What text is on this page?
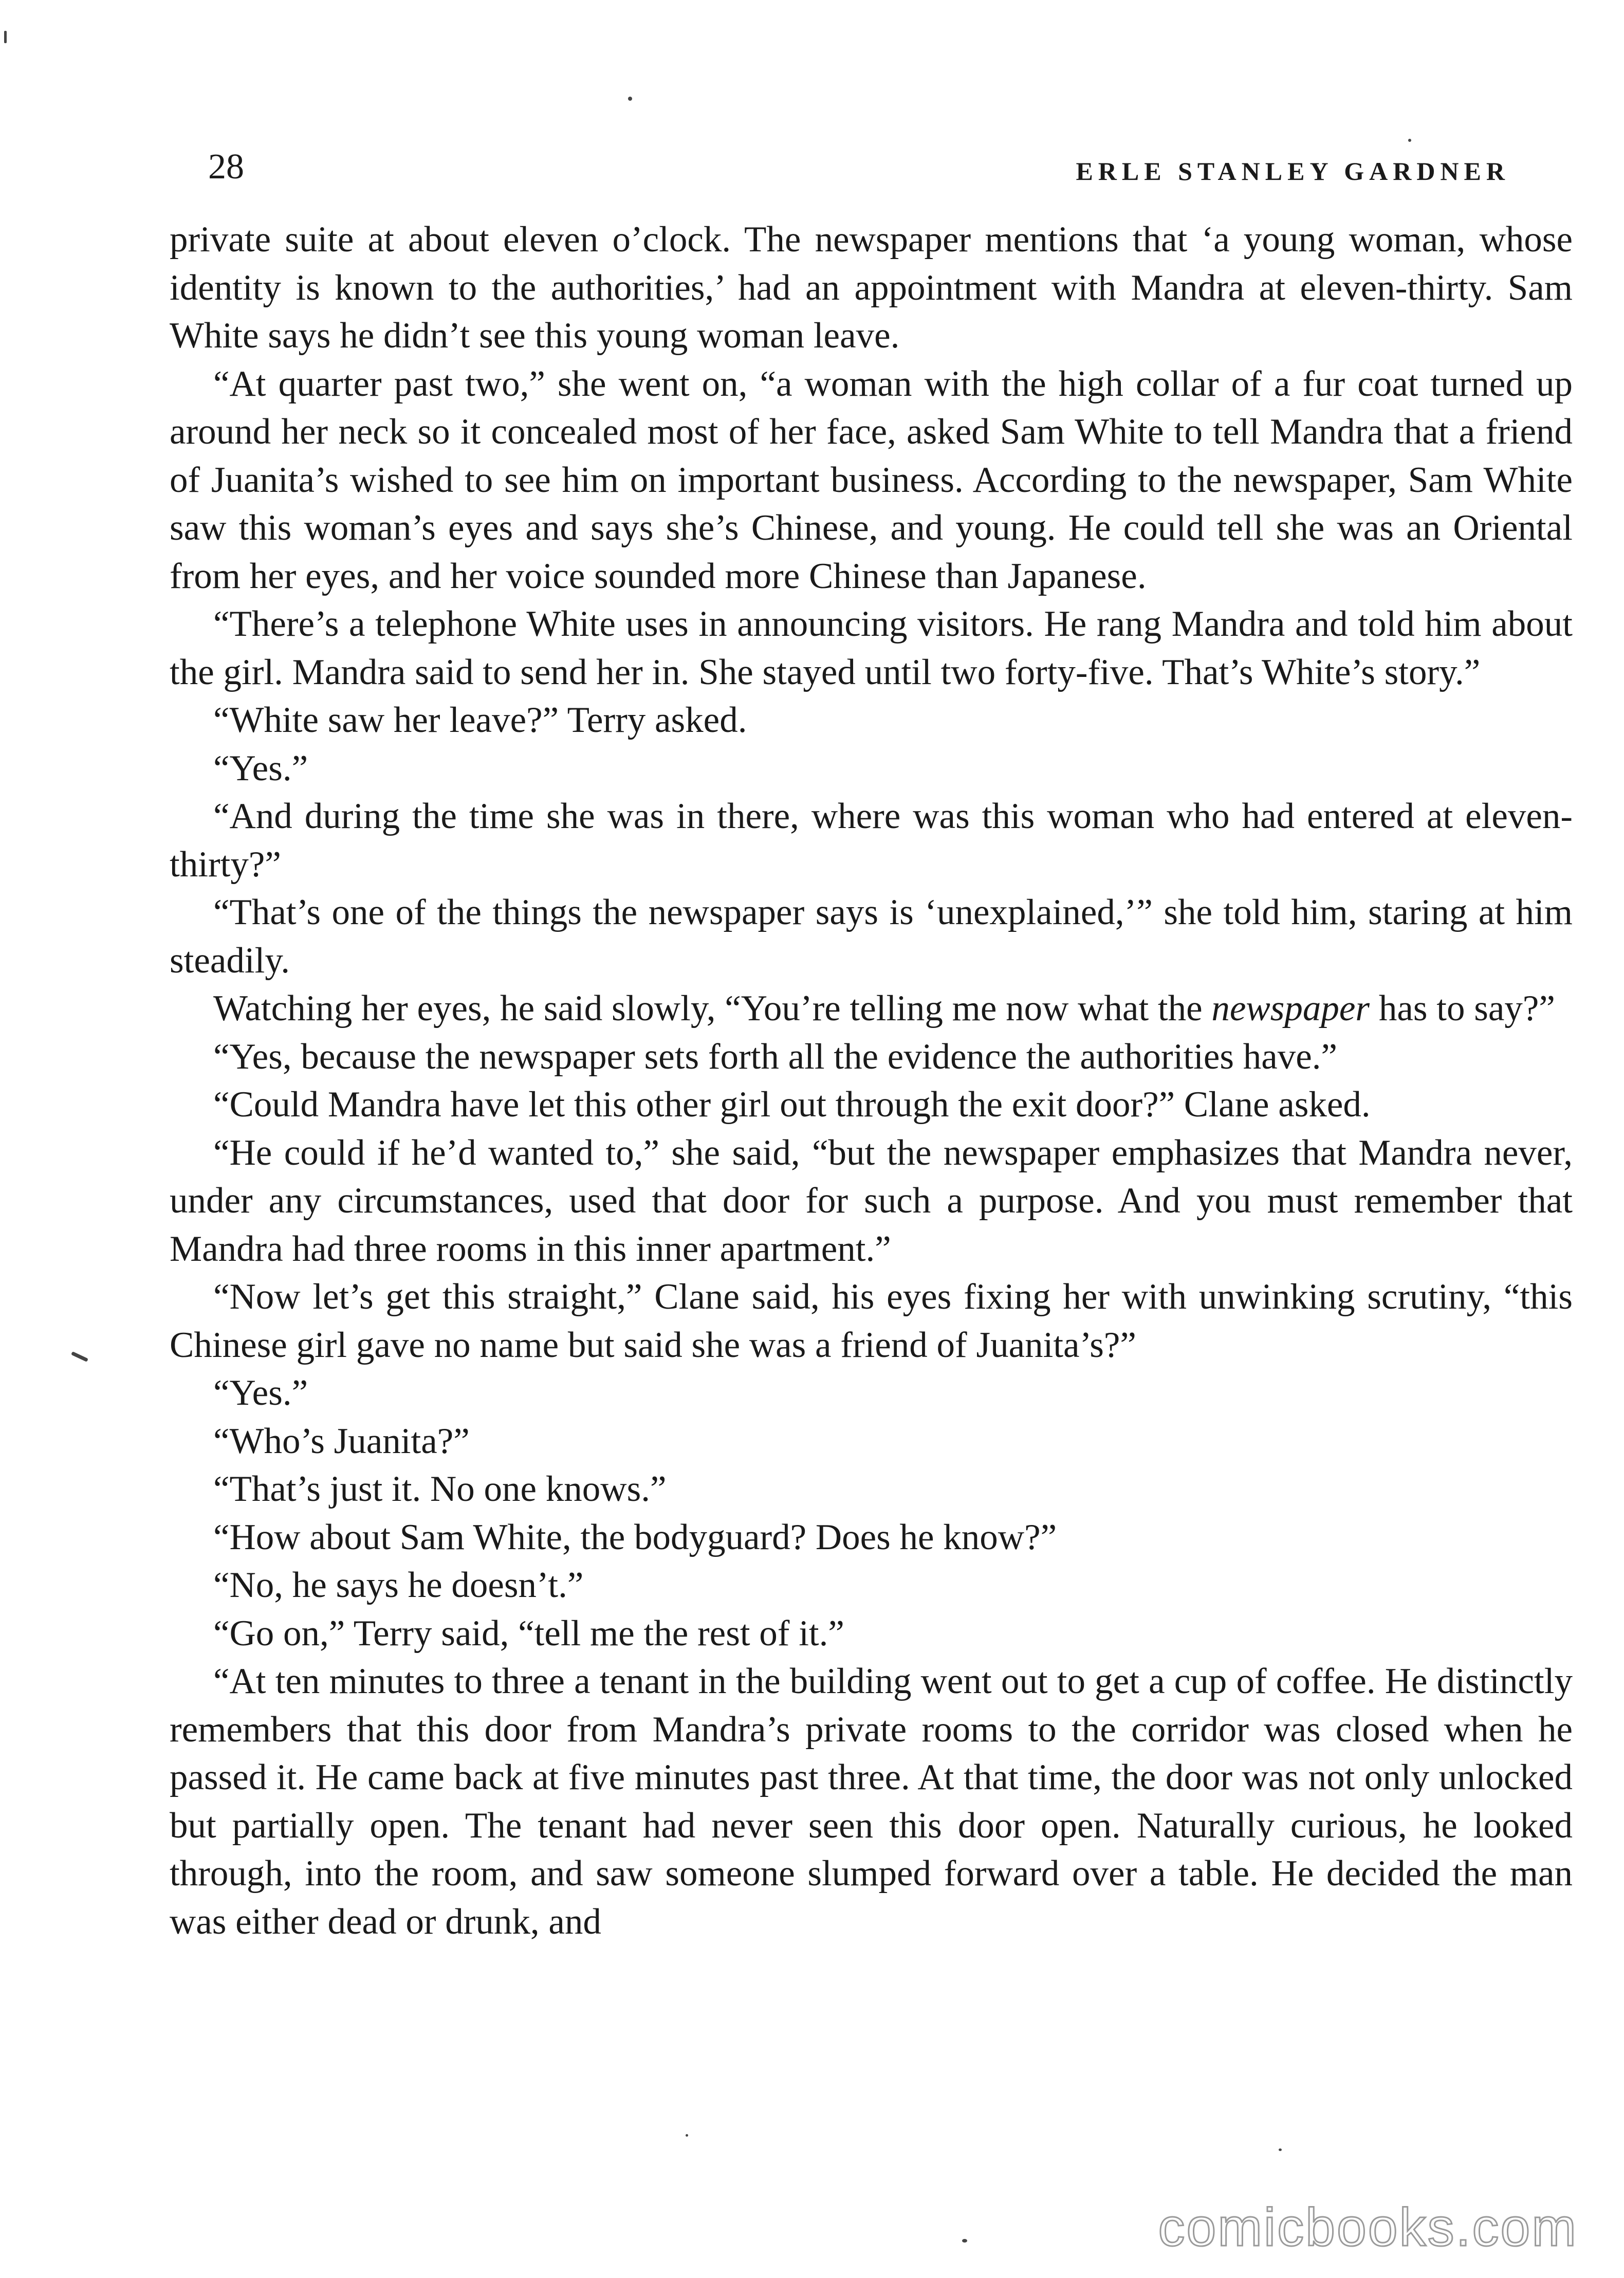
28	ERLE STANLEY GARDNER

private suite at about eleven o’clock. The newspaper mentions that ‘a young woman, whose identity is known to the authorities,’ had an appointment with Mandra at eleven-thirty. Sam White says he didn’t see this young woman leave.

“At quarter past two,” she went on, “a woman with the high collar of a fur coat turned up around her neck so it concealed most of her face, asked Sam White to tell Mandra that a friend of Juanita’s wished to see him on important business. According to the newspaper, Sam White saw this woman’s eyes and says she’s Chinese, and young. He could tell she was an Oriental from her eyes, and her voice sounded more Chinese than Japanese.

“There’s a telephone White uses in announcing visitors. He rang Mandra and told him about the girl. Mandra said to send her in. She stayed until two forty-five. That’s White’s story.”

“White saw her leave?” Terry asked.

“Yes.”

“And during the time she was in there, where was this woman who had entered at eleven-thirty?”

“That’s one of the things the newspaper says is ‘unexplained,’” she told him, staring at him steadily.

Watching her eyes, he said slowly, “You’re telling me now what the newspaper has to say?”

“Yes, because the newspaper sets forth all the evidence the authorities have.”

“Could Mandra have let this other girl out through the exit door?” Clane asked.

“He could if he’d wanted to,” she said, “but the newspaper emphasizes that Mandra never, under any circumstances, used that door for such a purpose. And you must remember that Mandra had three rooms in this inner apartment.”

“Now let’s get this straight,” Clane said, his eyes fixing her with unwinking scrutiny, “this Chinese girl gave no name but said she was a friend of Juanita’s?”

“Yes.”

“Who’s Juanita?”

“That’s just it. No one knows.”

“How about Sam White, the bodyguard? Does he know?”

“No, he says he doesn’t.”

“Go on,” Terry said, “tell me the rest of it.”

“At ten minutes to three a tenant in the building went out to get a cup of coffee. He distinctly remembers that this door from Mandra’s private rooms to the corridor was closed when he passed it. He came back at five minutes past three. At that time, the door was not only unlocked but partially open. The tenant had never seen this door open. Naturally curious, he looked through, into the room, and saw someone slumped forward over a table. He decided the man was either dead or drunk, and

comicbooks.com
